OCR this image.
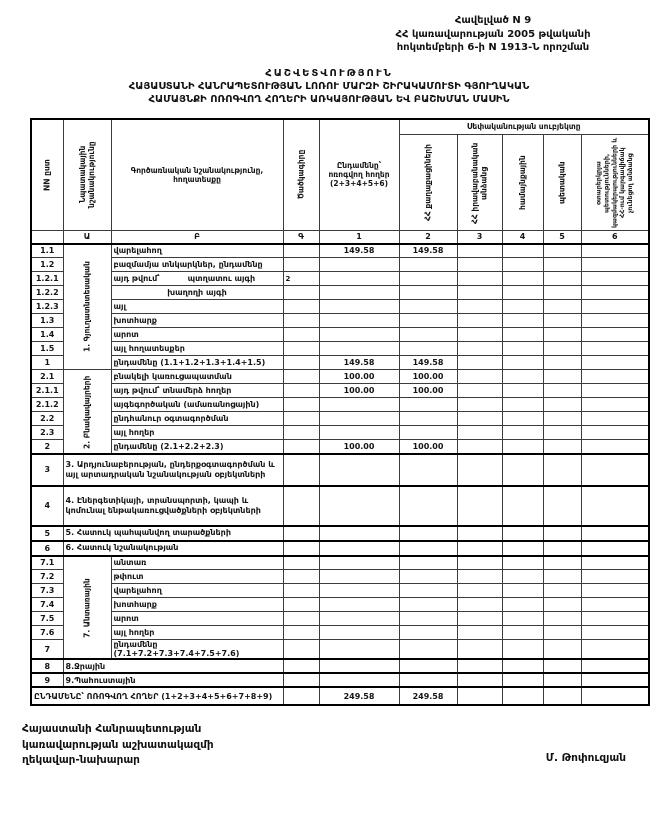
Հավելված N 9
ՀՀ կառավարության 2005 թվականի
հոկտեմբերի 6-ի N 1913-Ն որոշման
ՀԱՇՎԵՏՎՈՒԹՅՈՒՆ
ՀԱՅԱՍՏԱՆԻ ՀԱՆՐԱՊԵՏՈՒԹՅԱՆ ԼՈՌՈՒ ՄԱՐԶԻ ՇԻՐԱԿԱՄՈՒՏԻ ԳՅՈՒՂԱԿԱՆ
ՀԱՄԱՅՆՔԻ ՈՌՈԳՎՈՂ ՀՈՂԵՐԻ ԱՌԿԱՅՈՒԹՅԱՆ ԵՎ ԲԱՇԽՄԱՆ ՄԱՍԻՆ
NN ըստ	Նպատակային նշանակությունը	Գործառնական նշանակությունը, հողատեսքը	Ծածկագիրը	Ընդամենը՝ ոռոգվող հողեր (2+3+4+5+6)	Սեփականության սուբյեկտը				
					ՀՀ քաղաքացիների	ՀՀ իրավաբանական անձանց	համայնքային	պետական	օտարերկրյա պետությունների, կազմակերպությունների և ՀՀ-ում կարգավիճակ չունեցող անձանց
	Ա	Բ	Գ	1	2	3	4	5	6
1.1	1. Գյուղատնտեսական	վարելահող		149.58	149.58				
1.2		բազմամյա տնկարկներ, ընդամենը							
1.2.1		այդ թվում՝          պտղատու այգի	2						
1.2.2		խաղողի այգի							
1.2.3		այլ							
1.3		խոտհարք							
1.4		արոտ							
1.5		այլ հողատեսքեր							
1		ընդամենը (1.1+1.2+1.3+1.4+1.5)		149.58	149.58				
2.1	2. Բնակավայրերի	բնակելի կառուցապատման		100.00	100.00				
2.1.1		այդ թվում՝ տնամերձ հողեր		100.00	100.00				
2.1.2		այգեգործական (ամառանոցային)							
2.2		ընդհանուր օգտագործման							
2.3		այլ հողեր							
2		ընդամենը (2.1+2.2+2.3)		100.00	100.00				
3	3. Արդյունաբերության, ընդերքօգտագործման և այլ արտադրական նշանակության օբյեկտների								
4	4. Էներգետիկայի, տրանսպորտի, կապի և կոմունալ ենթակառուցվածքների օբյեկտների								
5	5. Հատուկ պահպանվող տարածքների								
6	6. Հատուկ նշանակության								
7.1	7. Անտառային	անտառ							
7.2		թփուտ							
7.3		վարելահող							
7.4		խոտհարք							
7.5		արոտ							
7.6		այլ հողեր							
7		ընդամենը (7.1+7.2+7.3+7.4+7.5+7.6)							
8	8.Ջրային								
9	9.Պահուստային								
ԸՆԴԱՄԵՆԸ՝ ՈՌՈԳՎՈՂ ՀՈՂԵՐ (1+2+3+4+5+6+7+8+9)				249.58	249.58				
Հայաստանի Հանրապետության
կառավարության աշխատակազմի
ղեկավար-նախարար	Մ. Թոփուզյան
